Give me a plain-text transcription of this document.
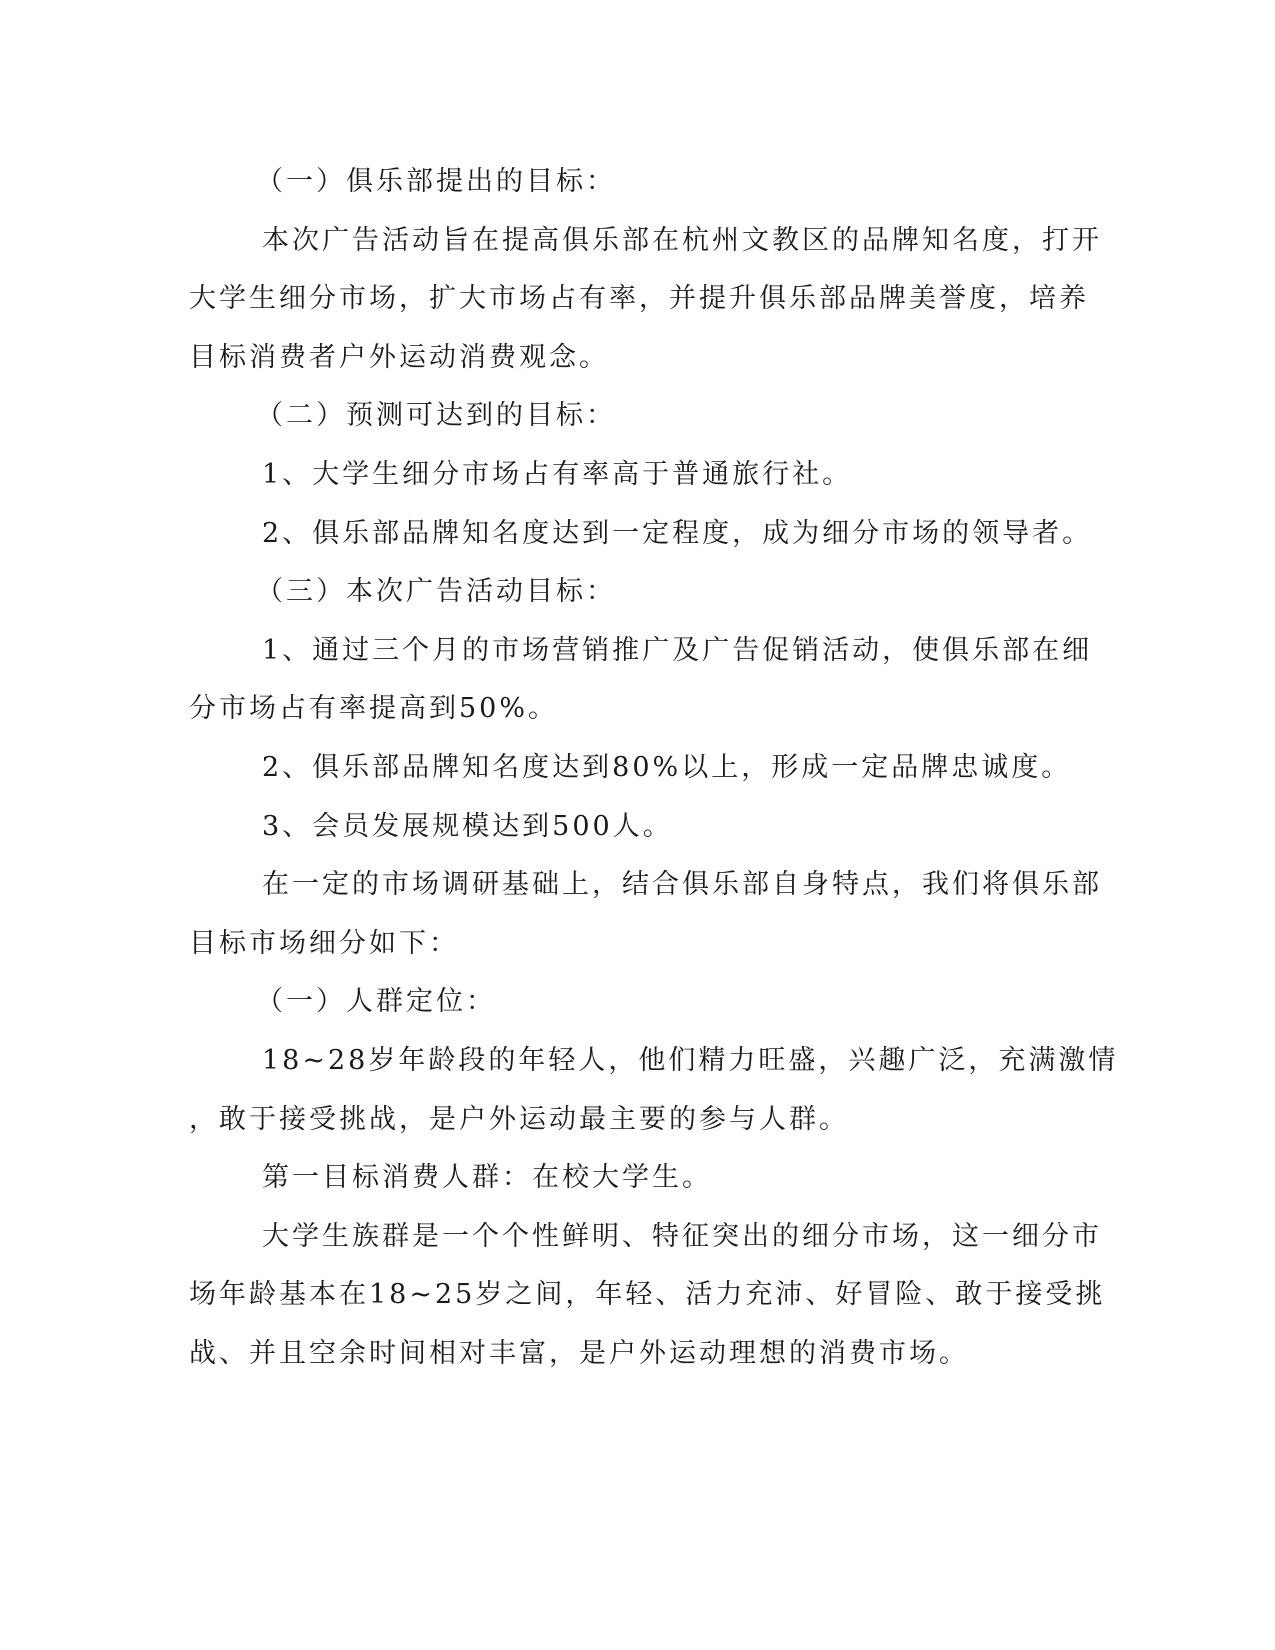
（一）俱乐部提出的目标：
本次广告活动旨在提高俱乐部在杭州文教区的品牌知名度，打开
大学生细分市场，扩大市场占有率，并提升俱乐部品牌美誉度，培养
目标消费者户外运动消费观念。
（二）预测可达到的目标：
1、大学生细分市场占有率高于普通旅行社。
2、俱乐部品牌知名度达到一定程度，成为细分市场的领导者。
（三）本次广告活动目标：
1、通过三个月的市场营销推广及广告促销活动，使俱乐部在细
分市场占有率提高到50%。
2、俱乐部品牌知名度达到80%以上，形成一定品牌忠诚度。
3、会员发展规模达到500人。
在一定的市场调研基础上，结合俱乐部自身特点，我们将俱乐部
目标市场细分如下：
（一）人群定位：
18~28岁年龄段的年轻人，他们精力旺盛，兴趣广泛，充满激情
，敢于接受挑战，是户外运动最主要的参与人群。
第一目标消费人群：在校大学生。
大学生族群是一个个性鲜明、特征突出的细分市场，这一细分市
场年龄基本在18~25岁之间，年轻、活力充沛、好冒险、敢于接受挑
战、并且空余时间相对丰富，是户外运动理想的消费市场。
